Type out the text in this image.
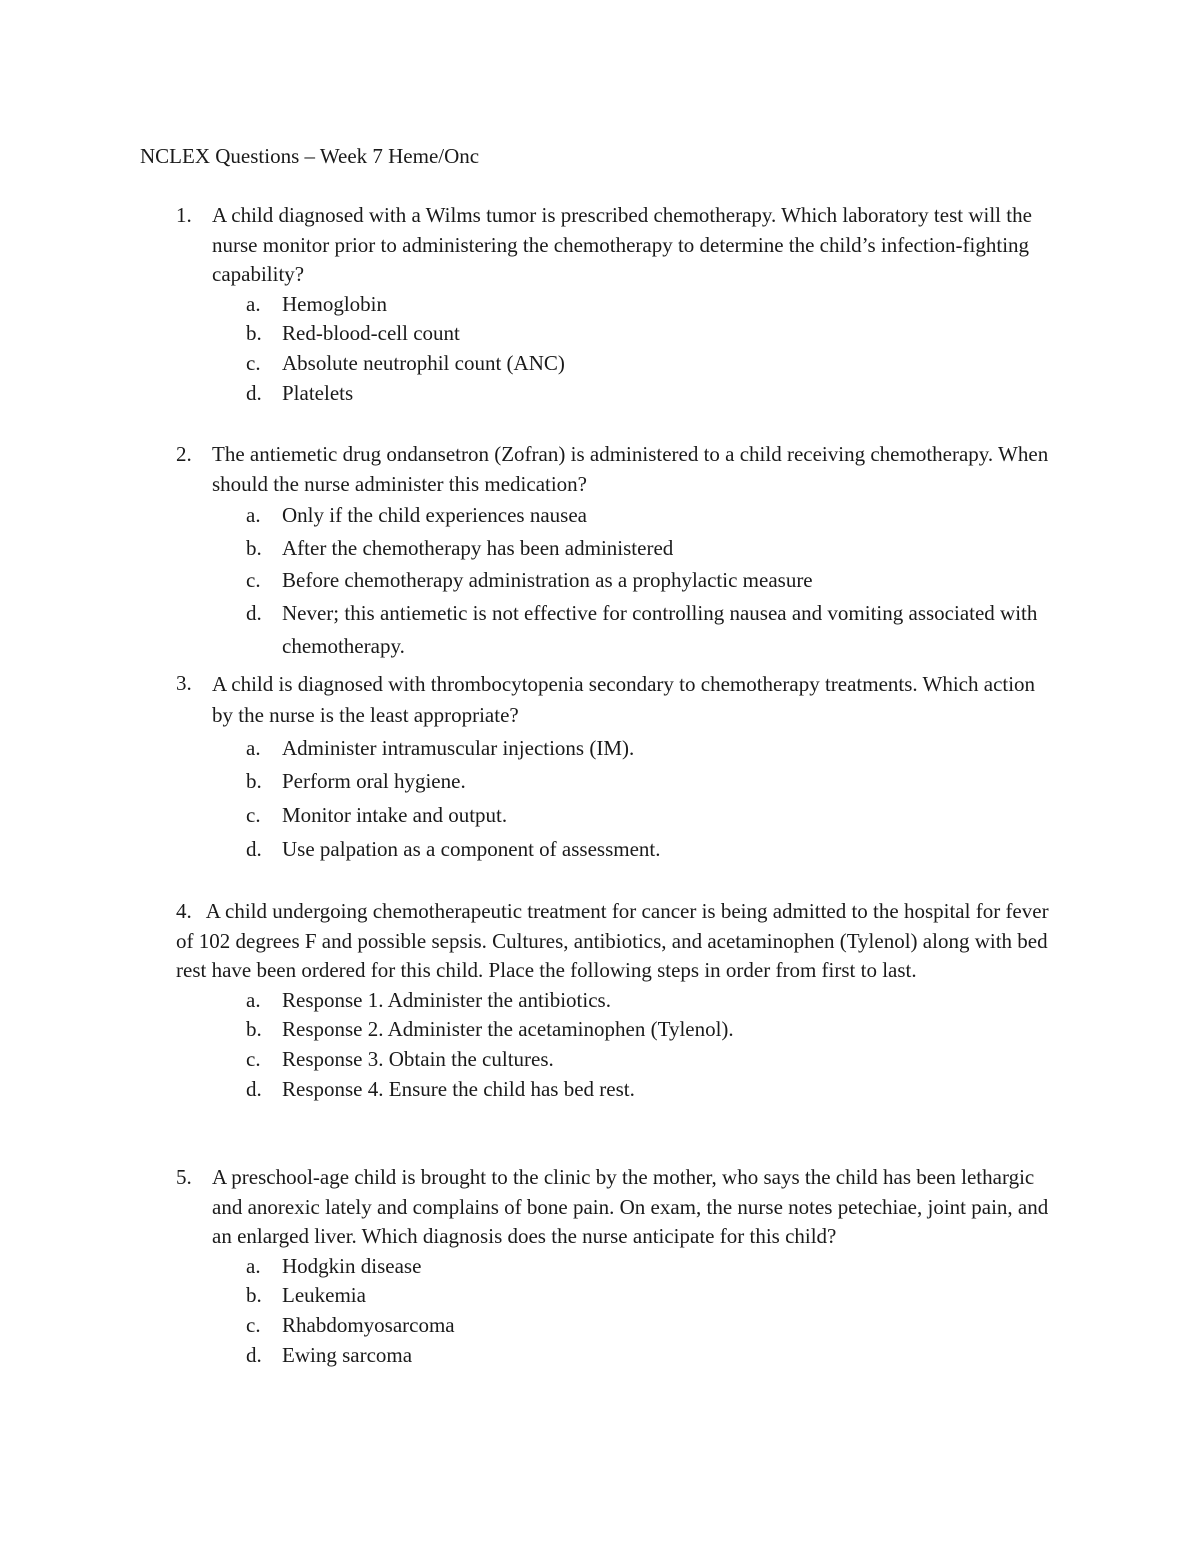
NCLEX Questions – Week 7 Heme/Onc
1. A child diagnosed with a Wilms tumor is prescribed chemotherapy. Which laboratory test will the nurse monitor prior to administering the chemotherapy to determine the child’s infection-fighting capability?
a. Hemoglobin
b. Red-blood-cell count
c. Absolute neutrophil count (ANC)
d. Platelets
2. The antiemetic drug ondansetron (Zofran) is administered to a child receiving chemotherapy. When should the nurse administer this medication?
a. Only if the child experiences nausea
b. After the chemotherapy has been administered
c. Before chemotherapy administration as a prophylactic measure
d. Never; this antiemetic is not effective for controlling nausea and vomiting associated with chemotherapy.
3. A child is diagnosed with thrombocytopenia secondary to chemotherapy treatments. Which action by the nurse is the least appropriate?
a. Administer intramuscular injections (IM).
b. Perform oral hygiene.
c. Monitor intake and output.
d. Use palpation as a component of assessment.
4. A child undergoing chemotherapeutic treatment for cancer is being admitted to the hospital for fever of 102 degrees F and possible sepsis. Cultures, antibiotics, and acetaminophen (Tylenol) along with bed rest have been ordered for this child. Place the following steps in order from first to last.
a. Response 1. Administer the antibiotics.
b. Response 2. Administer the acetaminophen (Tylenol).
c. Response 3. Obtain the cultures.
d. Response 4. Ensure the child has bed rest.
5. A preschool-age child is brought to the clinic by the mother, who says the child has been lethargic and anorexic lately and complains of bone pain. On exam, the nurse notes petechiae, joint pain, and an enlarged liver. Which diagnosis does the nurse anticipate for this child?
a. Hodgkin disease
b. Leukemia
c. Rhabdomyosarcoma
d. Ewing sarcoma
